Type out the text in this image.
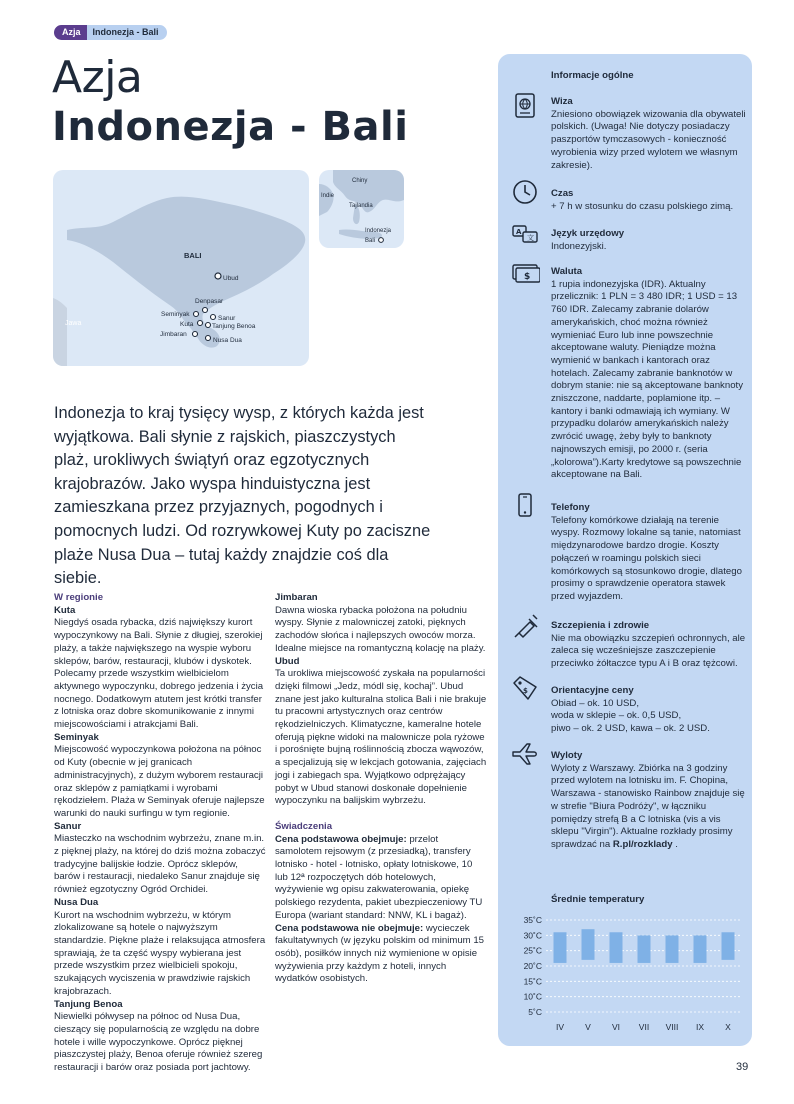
Azja	Indonezja - Bali
Azja
Indonezja - Bali
BALI
Jawa
Ubud
Denpasar
Seminyak
Sanur
Kuta	Tanjung Benoa
Jimbaran
Nusa Dua
Chiny
Indie
Tajlandia
Indonezja
Bali
Indonezja to kraj tysięcy wysp, z których każda jest wyjątkowa. Bali słynie z rajskich, piaszczystych plaż, urokliwych świątyń oraz egzotycznych krajobrazów. Jako wyspa hinduistyczna jest zamieszkana przez przyjaznych, pogodnych i pomocnych ludzi. Od rozrywkowej Kuty po zaciszne plaże Nusa Dua – tutaj każdy znajdzie coś dla siebie.
W regionie
Kuta
Niegdyś osada rybacka, dziś największy kurort wypoczynkowy na Bali. Słynie z długiej, szerokiej plaży, a także największego na wyspie wyboru sklepów, barów, restauracji, klubów i dyskotek. Polecamy przede wszystkim wielbicielom aktywnego wypoczynku, dobrego jedzenia i życia nocnego. Dodatkowym atutem jest krótki transfer z lotniska oraz dobre skomunikowanie z innymi miejscowościami i atrakcjami Bali.
Seminyak
Miejscowość wypoczynkowa położona na północ od Kuty (obecnie w jej granicach administracyjnych), z dużym wyborem restauracji oraz sklepów z pamiątkami i wyrobami rękodziełem. Plaża w Seminyak oferuje najlepsze warunki do nauki surfingu w tym regionie.
Sanur
Miasteczko na wschodnim wybrzeżu, znane m.in. z pięknej plaży, na której do dziś można zobaczyć tradycyjne balijskie łodzie. Oprócz sklepów, barów i restauracji, niedaleko Sanur znajduje się również egzotyczny Ogród Orchidei.
Nusa Dua
Kurort na wschodnim wybrzeżu, w którym zlokalizowane są hotele o najwyższym standardzie. Piękne plaże i relaksująca atmosfera sprawiają, że ta część wyspy wybierana jest przede wszystkim przez wielbicieli spokoju, szukających wyciszenia w prawdziwie rajskich krajobrazach.
Tanjung Benoa
Niewielki półwysep na północ od Nusa Dua, cieszący się popularnością ze względu na dobre hotele i wille wypoczynkowe. Oprócz pięknej piaszczystej plaży, Benoa oferuje również szereg restauracji i barów oraz posiada port jachtowy.
Jimbaran
Dawna wioska rybacka położona na południu wyspy. Słynie z malowniczej zatoki, pięknych zachodów słońca i najlepszych owoców morza. Idealne miejsce na romantyczną kolację na plaży.
Ubud
Ta urokliwa miejscowość zyskała na popularności dzięki filmowi „Jedz, módl się, kochaj”. Ubud znane jest jako kulturalna stolica Bali i nie brakuje tu pracowni artystycznych oraz centrów rękodzielniczych. Klimatyczne, kameralne hotele oferują piękne widoki na malownicze pola ryżowe i porośnięte bujną roślinnością zbocza wąwozów, a specjalizują się w lekcjach gotowania, zajęciach jogi i zabiegach spa. Wyjątkowo odprężający pobyt w Ubud stanowi doskonałe dopełnienie wypoczynku na balijskim wybrzeżu.
Świadczenia
Cena podstawowa obejmuje: przelot samolotem rejsowym (z przesiadką), transfery lotnisko - hotel - lotnisko, opłaty lotniskowe, 10 lub 12ª rozpoczętych dób hotelowych, wyżywienie wg opisu zakwaterowania, opiekę polskiego rezydenta, pakiet ubezpieczeniowy TU Europa (wariant standard: NNW, KL i bagaż).
Cena podstawowa nie obejmuje: wycieczek fakultatywnych (w języku polskim od minimum 15 osób), posiłków innych niż wymienione w opisie wyżywienia przy każdym z hoteli, innych wydatków osobistych.
Informacje ogólne
Wiza
Zniesiono obowiązek wizowania dla obywateli polskich. (Uwaga! Nie dotyczy posiadaczy paszportów tymczasowych - konieczność wyrobienia wizy przed wylotem we własnym zakresie).
Czas
+ 7 h w stosunku do czasu polskiego zimą.
A
文 Język urzędowy
Indonezyjski.
$ Waluta
1 rupia indonezyjska (IDR). Aktualny przelicznik: 1 PLN = 3 480 IDR; 1 USD = 13 760 IDR. Zalecamy zabranie dolarów amerykańskich, choć można również wymieniać Euro lub inne powszechnie akceptowane waluty. Pieniądze można wymienić w bankach i kantorach oraz hotelach. Zalecamy zabranie banknotów w dobrym stanie: nie są akceptowane banknoty zniszczone, naddarte, poplamione itp. – kantory i banki odmawiają ich wymiany. W przypadku dolarów amerykańskich należy zwrócić uwagę, żeby były to banknoty najnowszych emisji, po 2000 r. (seria „kolorowa”).Karty kredytowe są powszechnie akceptowane na Bali.
Telefony
Telefony komórkowe działają na terenie wyspy. Rozmowy lokalne są tanie, natomiast międzynarodowe bardzo drogie. Koszty połączeń w roamingu polskich sieci komórkowych są stosunkowo drogie, dlatego prosimy o sprawdzenie operatora stawek przed wyjazdem.
Szczepienia i zdrowie
Nie ma obowiązku szczepień ochronnych, ale zaleca się wcześniejsze zaszczepienie przeciwko żółtaczce typu A i B oraz tężcowi.
$ Orientacyjne ceny
Obiad – ok. 10 USD,
woda w sklepie – ok. 0,5 USD,
piwo – ok. 2 USD, kawa – ok. 2 USD.
Wyloty
Wyloty z Warszawy. Zbiórka na 3 godziny przed wylotem na lotnisku im. F. Chopina, Warszawa - stanowisko Rainbow znajduje się w strefie "Biura Podróży", w łączniku pomiędzy strefą B a C lotniska (vis a vis sklepu "Virgin"). Aktualne rozkłady prosimy sprawdzać na R.pl/rozklady .
Średnie temperatury
35˚C
30˚C
25˚C
20˚C
15˚C
10˚C
5˚C
IV V VI VII VIII IX X
39
